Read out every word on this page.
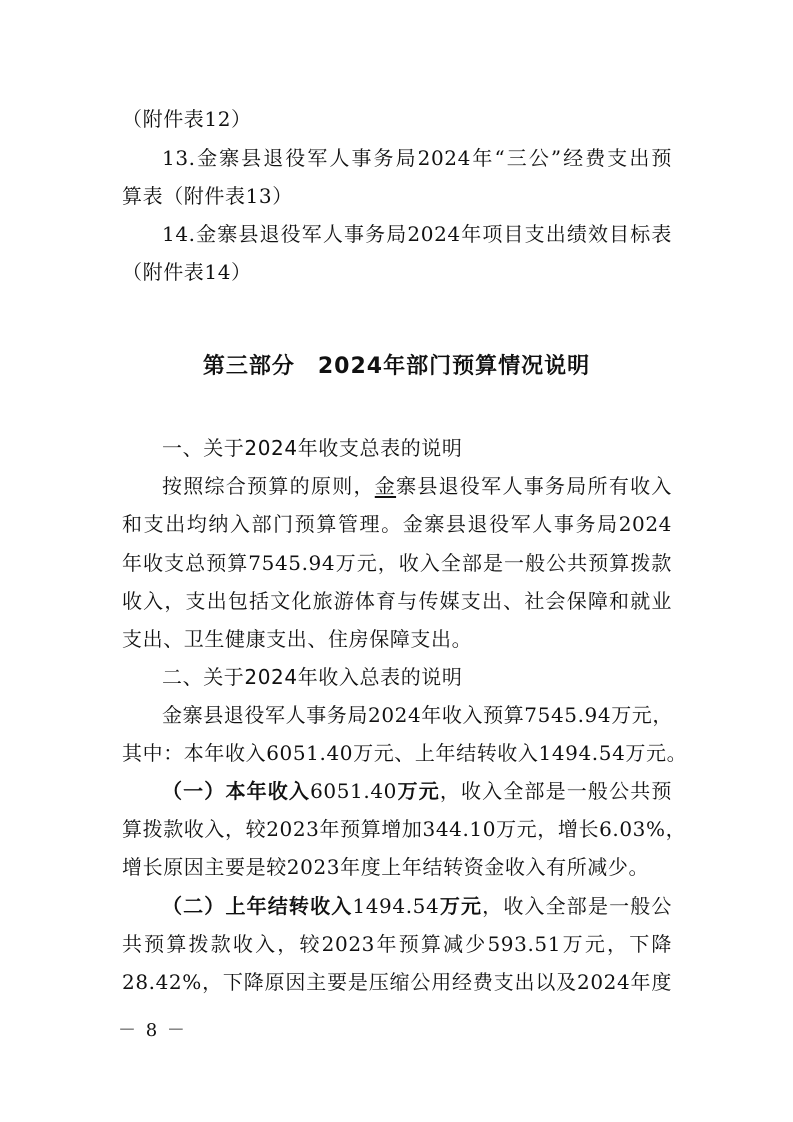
（附件表12）
13.金寨县退役军人事务局2024年“三公”经费支出预
算表（附件表13）
14.金寨县退役军人事务局2024年项目支出绩效目标表
（附件表14）
第三部分　2024年部门预算情况说明
一、关于2024年收支总表的说明
按照综合预算的原则，金寨县退役军人事务局所有收入
和支出均纳入部门预算管理。金寨县退役军人事务局2024
年收支总预算7545.94万元，收入全部是一般公共预算拨款
收入，支出包括文化旅游体育与传媒支出、社会保障和就业
支出、卫生健康支出、住房保障支出。
二、关于2024年收入总表的说明
金寨县退役军人事务局2024年收入预算7545.94万元，
其中：本年收入6051.40万元、上年结转收入1494.54万元。
（一）本年收入6051.40万元，收入全部是一般公共预
算拨款收入，较2023年预算增加344.10万元，增长6.03%，
增长原因主要是较2023年度上年结转资金收入有所减少。
（二）上年结转收入1494.54万元，收入全部是一般公
共预算拨款收入，较2023年预算减少593.51万元，下降
28.42%，下降原因主要是压缩公用经费支出以及2024年度
－ 8 －
